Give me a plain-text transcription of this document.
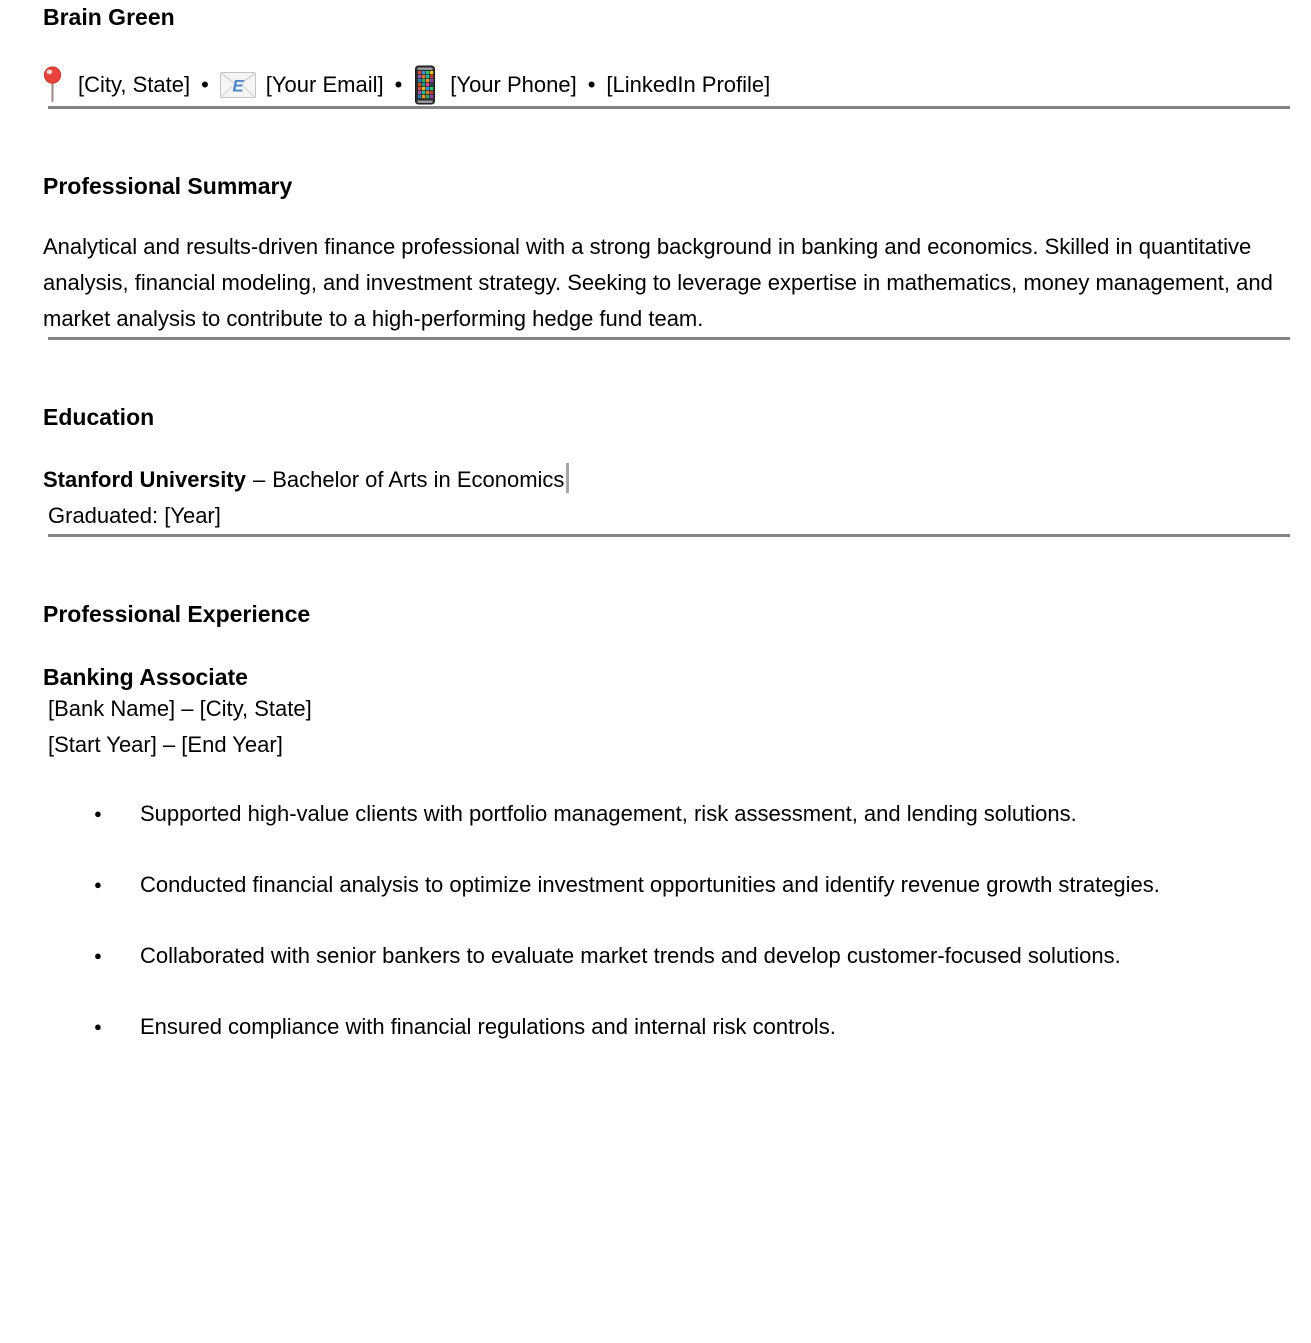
Brain Green
[City, State] • E [Your Email] • [Your Phone] • [LinkedIn Profile]
Professional Summary

Analytical and results-driven finance professional with a strong background in banking and economics. Skilled in quantitative analysis, financial modeling, and investment strategy. Seeking to leverage expertise in mathematics, money management, and market analysis to contribute to a high-performing hedge fund team.

Education
Stanford University – Bachelor of Arts in Economics
Graduated: [Year]
Professional Experience
Banking Associate
[Bank Name] – [City, State]
[Start Year] – [End Year]
● Supported high-value clients with portfolio management, risk assessment, and lending solutions.
● Conducted financial analysis to optimize investment opportunities and identify revenue growth strategies.
● Collaborated with senior bankers to evaluate market trends and develop customer-focused solutions.
● Ensured compliance with financial regulations and internal risk controls.
